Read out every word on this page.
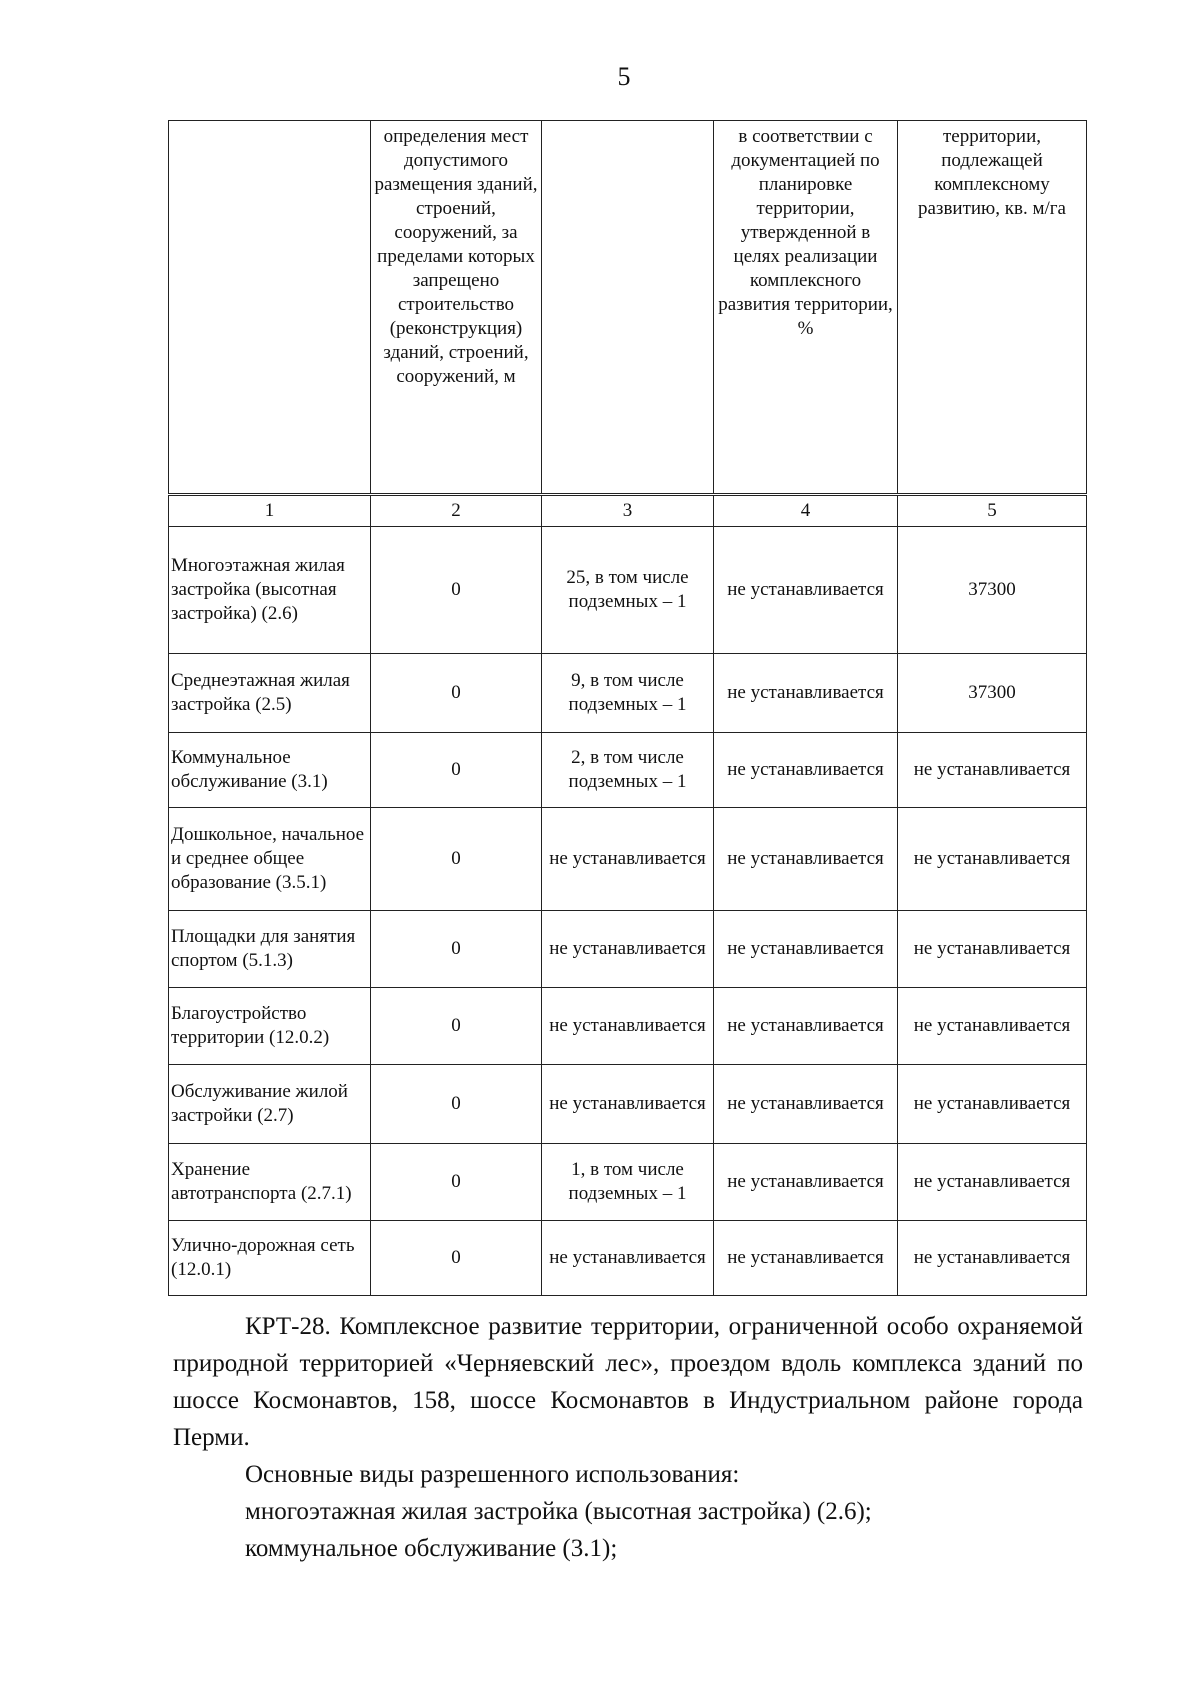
5
	определения мест допустимого размещения зданий, строений, сооружений, за пределами которых запрещено строительство (реконструкция) зданий, строений, сооружений, м		в соответствии с документацией по планировке территории, утвержденной в целях реализации комплексного развития территории, %	территории, подлежащей комплексному развитию, кв. м/га
1	2	3	4	5
Многоэтажная жилая застройка (высотная застройка) (2.6)	0	25, в том числе подземных – 1	не устанавливается	37300
Среднеэтажная жилая застройка (2.5)	0	9, в том числе подземных – 1	не устанавливается	37300
Коммунальное обслуживание (3.1)	0	2, в том числе подземных – 1	не устанавливается	не устанавливается
Дошкольное, начальное и среднее общее образование (3.5.1)	0	не устанавливается	не устанавливается	не устанавливается
Площадки для занятия спортом (5.1.3)	0	не устанавливается	не устанавливается	не устанавливается
Благоустройство территории (12.0.2)	0	не устанавливается	не устанавливается	не устанавливается
Обслуживание жилой застройки (2.7)	0	не устанавливается	не устанавливается	не устанавливается
Хранение автотранспорта (2.7.1)	0	1, в том числе подземных – 1	не устанавливается	не устанавливается
Улично-дорожная сеть (12.0.1)	0	не устанавливается	не устанавливается	не устанавливается

КРТ-28. Комплексное развитие территории, ограниченной особо охраняемой природной территорией «Черняевский лес», проездом вдоль комплекса зданий по шоссе Космонавтов, 158, шоссе Космонавтов в Индустриальном районе города Перми.

Основные виды разрешенного использования:

многоэтажная жилая застройка (высотная застройка) (2.6);

коммунальное обслуживание (3.1);
